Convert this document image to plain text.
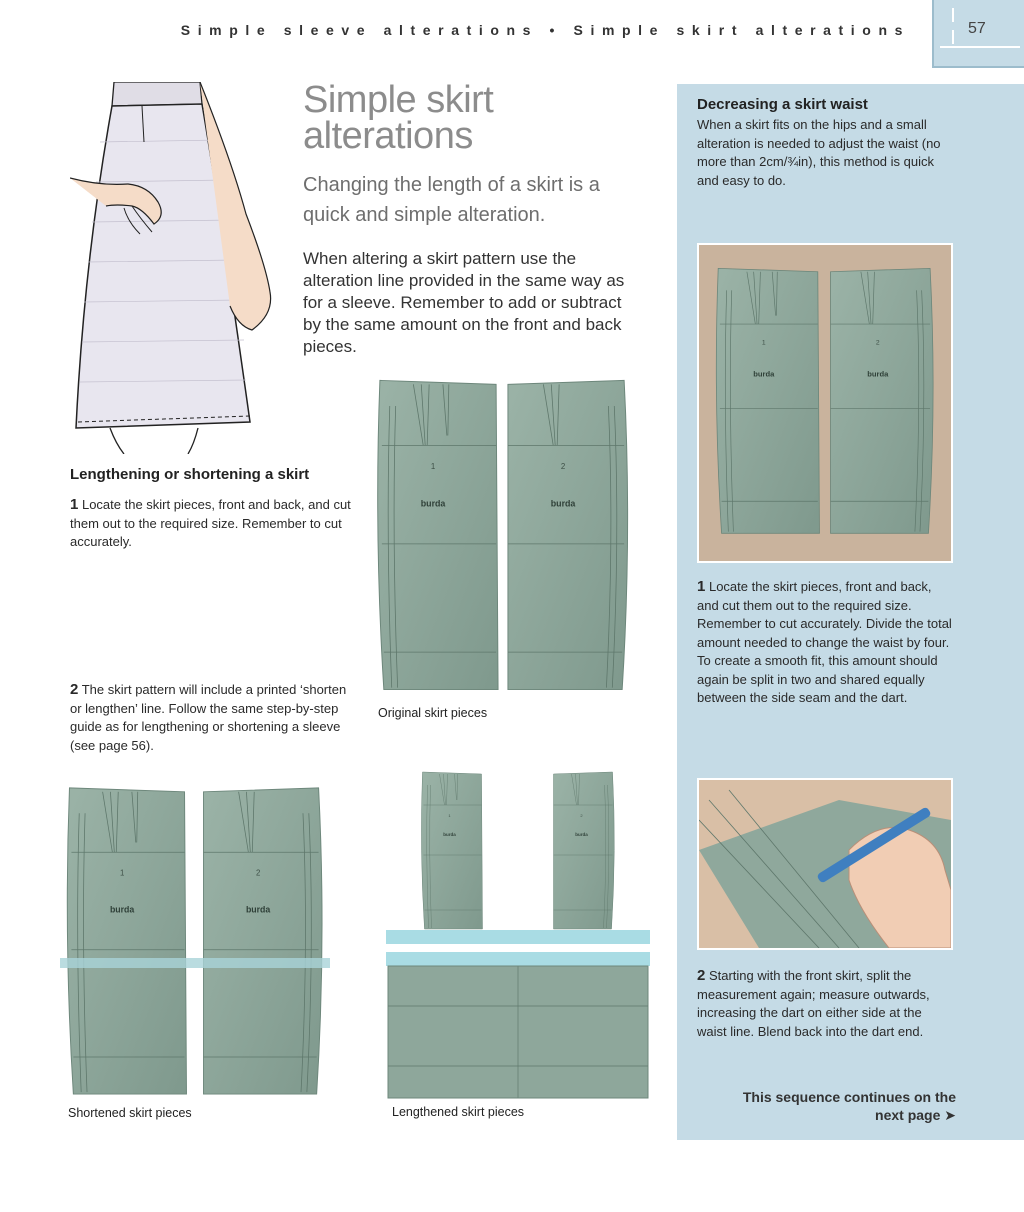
Simple sleeve alterations • Simple skirt alterations	57
Simple skirt
alterations
Changing the length of a skirt is a quick and simple alteration.
When altering a skirt pattern use the alteration line provided in the same way as for a sleeve. Remember to add or subtract by the same amount on the front and back pieces.
Lengthening or shortening a skirt
1 Locate the skirt pieces, front and back, and cut them out to the required size. Remember to cut accurately.
2 The skirt pattern will include a printed ‘shorten or lengthen’ line. Follow the same step-by-step guide as for lengthening or shortening a sleeve (see page 56).
Original skirt pieces
Shortened skirt pieces	Lengthened skirt pieces
Decreasing a skirt waist
When a skirt fits on the hips and a small alteration is needed to adjust the waist (no more than 2cm/¾in), this method is quick and easy to do.
1 Locate the skirt pieces, front and back, and cut them out to the required size. Remember to cut accurately. Divide the total amount needed to change the waist by four. To create a smooth fit, this amount should again be split in two and shared equally between the side seam and the dart.
2 Starting with the front skirt, split the measurement again; measure outwards, increasing the dart on either side at the waist line. Blend back into the dart end.
This sequence continues on the
next page ➤
